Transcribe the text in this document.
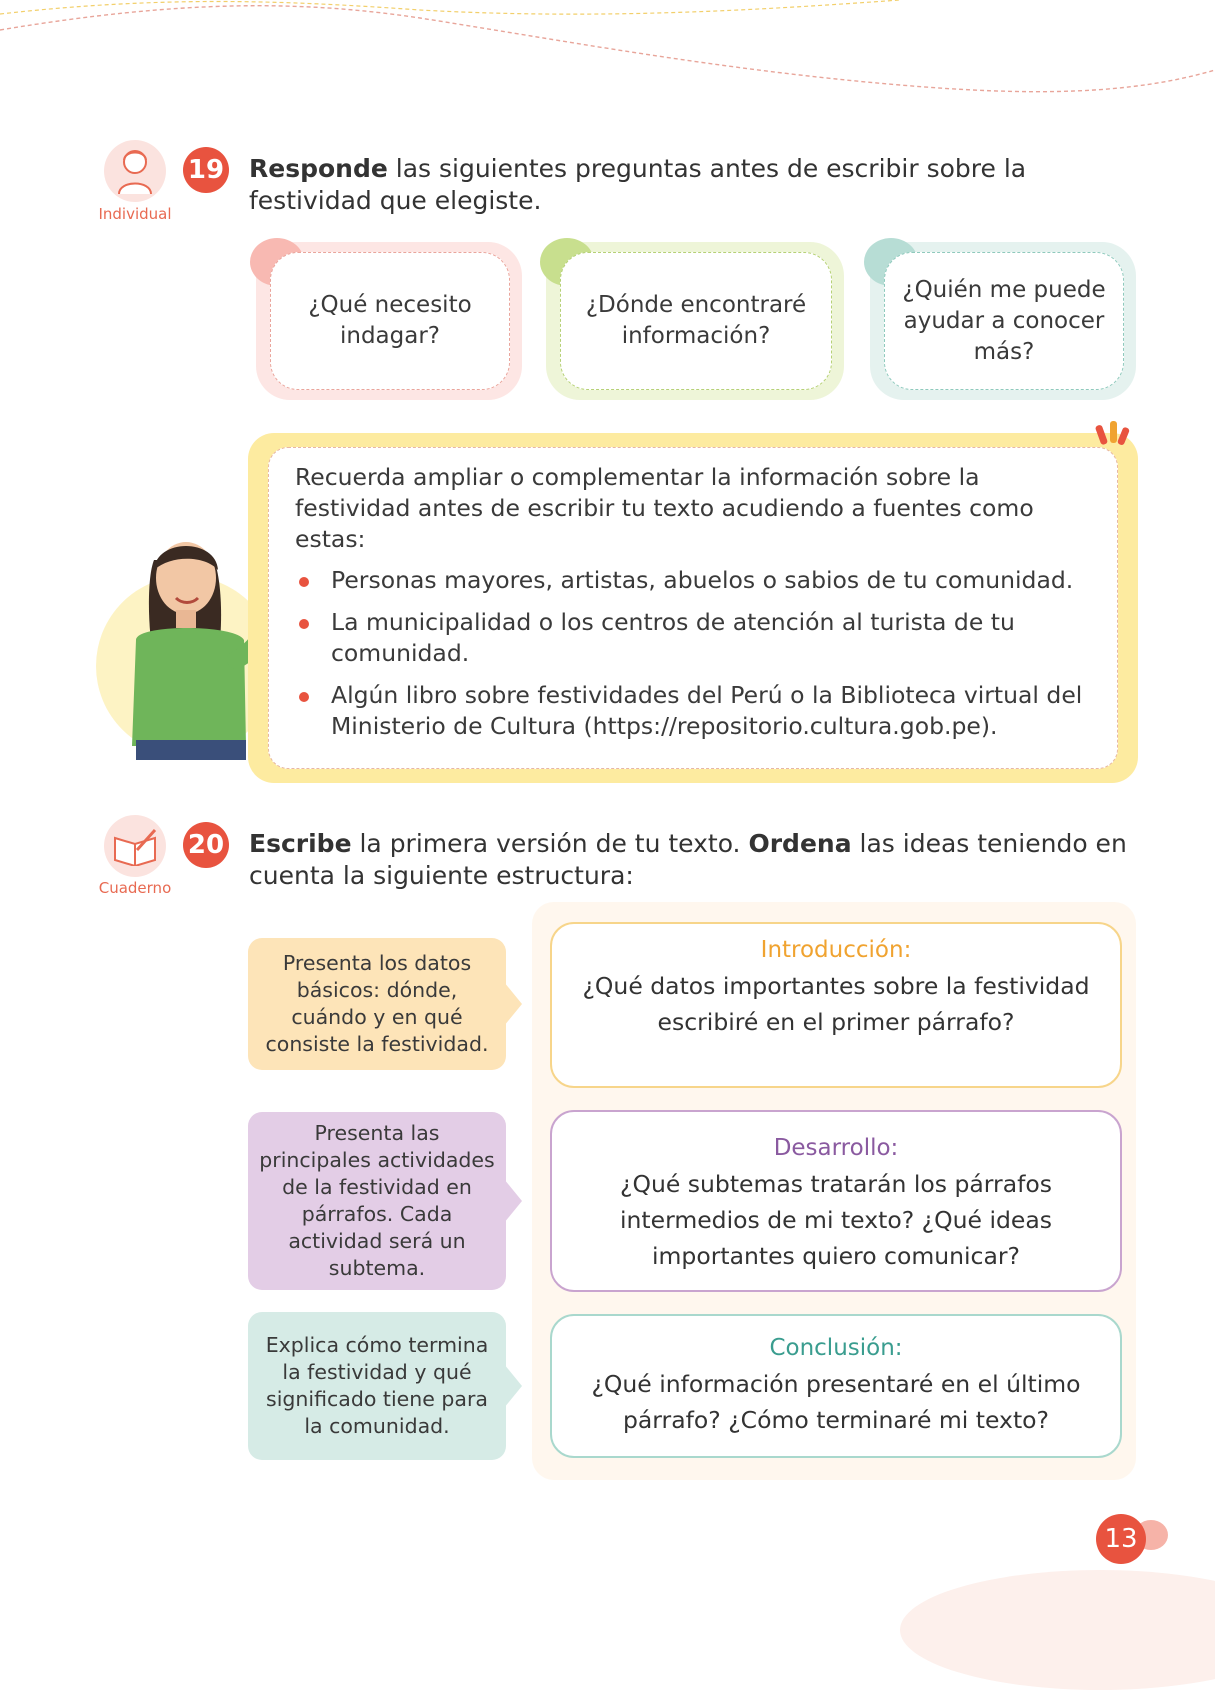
Individual
19 Responde las siguientes preguntas antes de escribir sobre la festividad que elegiste.
¿Qué necesito indagar?
¿Dónde encontraré información?
¿Quién me puede ayudar a conocer más?
Recuerda ampliar o complementar la información sobre la festividad antes de escribir tu texto acudiendo a fuentes como estas:
Personas mayores, artistas, abuelos o sabios de tu comunidad.
La municipalidad o los centros de atención al turista de tu comunidad.
Algún libro sobre festividades del Perú o la Biblioteca virtual del Ministerio de Cultura (https://repositorio.cultura.gob.pe).
Cuaderno
20 Escribe la primera versión de tu texto. Ordena las ideas teniendo en cuenta la siguiente estructura:
Presenta los datos básicos: dónde, cuándo y en qué consiste la festividad.
Presenta las principales actividades de la festividad en párrafos. Cada actividad será un subtema.
Explica cómo termina la festividad y qué significado tiene para la comunidad.
Introducción:
¿Qué datos importantes sobre la festividad escribiré en el primer párrafo?
Desarrollo:
¿Qué subtemas tratarán los párrafos intermedios de mi texto? ¿Qué ideas importantes quiero comunicar?
Conclusión:
¿Qué información presentaré en el último párrafo? ¿Cómo terminaré mi texto?
13
